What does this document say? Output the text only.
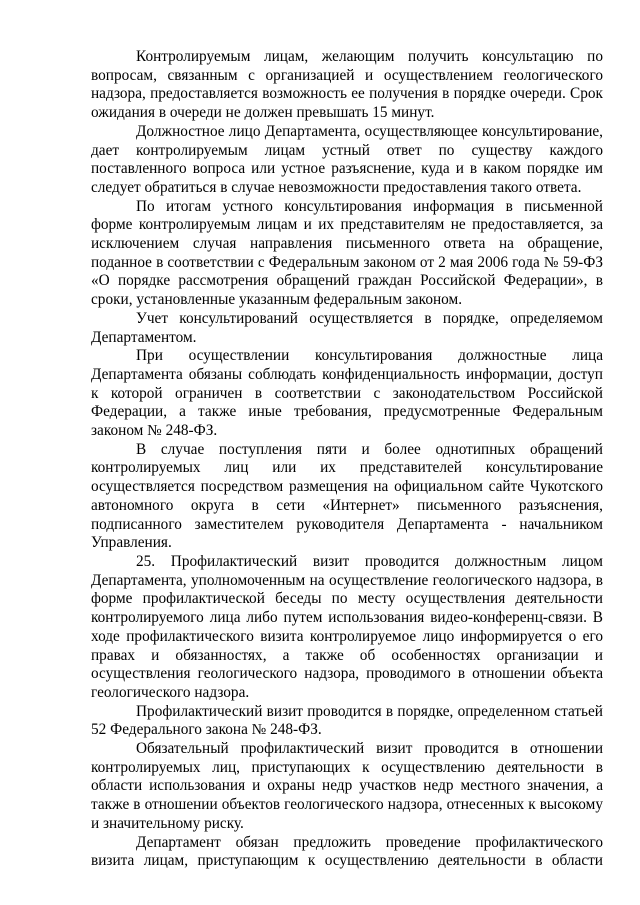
Контролируемым лицам, желающим получить консультацию по вопросам, связанным с организацией и осуществлением геологического надзора, предоставляется возможность ее получения в порядке очереди. Срок ожидания в очереди не должен превышать 15 минут.

Должностное лицо Департамента, осуществляющее консультирование, дает контролируемым лицам устный ответ по существу каждого поставленного вопроса или устное разъяснение, куда и в каком порядке им следует обратиться в случае невозможности предоставления такого ответа.

По итогам устного консультирования информация в письменной форме контролируемым лицам и их представителям не предоставляется, за исключением случая направления письменного ответа на обращение, поданное в соответствии с Федеральным законом от 2 мая 2006 года № 59-ФЗ «О порядке рассмотрения обращений граждан Российской Федерации», в сроки, установленные указанным федеральным законом.

Учет консультирований осуществляется в порядке, определяемом Департаментом.

При осуществлении консультирования должностные лица Департамента обязаны соблюдать конфиденциальность информации, доступ к которой ограничен в соответствии с законодательством Российской Федерации, а также иные требования, предусмотренные Федеральным законом № 248-ФЗ.

В случае поступления пяти и более однотипных обращений контролируемых лиц или их представителей консультирование осуществляется посредством размещения на официальном сайте Чукотского автономного округа в сети «Интернет» письменного разъяснения, подписанного заместителем руководителя Департамента - начальником Управления.

25. Профилактический визит проводится должностным лицом Департамента, уполномоченным на осуществление геологического надзора, в форме профилактической беседы по месту осуществления деятельности контролируемого лица либо путем использования видео-конференц-связи. В ходе профилактического визита контролируемое лицо информируется о его правах и обязанностях, а также об особенностях организации и осуществления геологического надзора, проводимого в отношении объекта геологического надзора.

Профилактический визит проводится в порядке, определенном статьей 52 Федерального закона № 248-ФЗ.

Обязательный профилактический визит проводится в отношении контролируемых лиц, приступающих к осуществлению деятельности в области использования и охраны недр участков недр местного значения, а также в отношении объектов геологического надзора, отнесенных к высокому и значительному риску.

Департамент обязан предложить проведение профилактического визита лицам, приступающим к осуществлению деятельности в области
